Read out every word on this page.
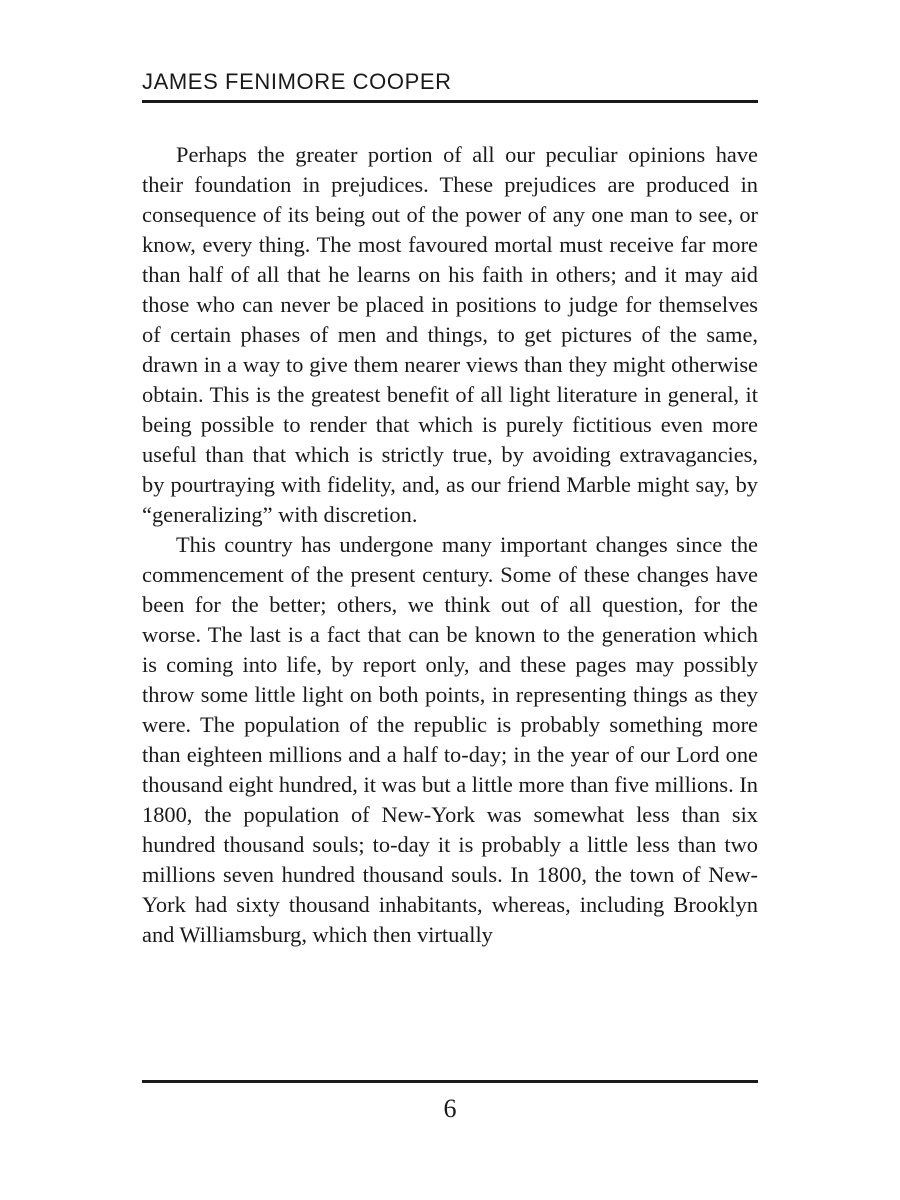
JAMES FENIMORE COOPER

Perhaps the greater portion of all our peculiar opinions have their foundation in prejudices. These prejudices are produced in consequence of its being out of the power of any one man to see, or know, every thing. The most favoured mortal must receive far more than half of all that he learns on his faith in others; and it may aid those who can never be placed in positions to judge for themselves of certain phases of men and things, to get pictures of the same, drawn in a way to give them nearer views than they might otherwise obtain. This is the greatest benefit of all light literature in general, it being possible to render that which is purely fictitious even more useful than that which is strictly true, by avoiding extravagancies, by pourtraying with fidelity, and, as our friend Marble might say, by “generalizing” with discretion.

This country has undergone many important changes since the commencement of the present century. Some of these changes have been for the better; others, we think out of all question, for the worse. The last is a fact that can be known to the generation which is coming into life, by report only, and these pages may possibly throw some little light on both points, in representing things as they were. The population of the republic is probably something more than eighteen millions and a half to-day; in the year of our Lord one thousand eight hundred, it was but a little more than five millions. In 1800, the population of New-York was somewhat less than six hundred thousand souls; to-day it is probably a little less than two millions seven hundred thousand souls. In 1800, the town of New-York had sixty thousand inhabitants, whereas, including Brooklyn and Williamsburg, which then virtually

6
